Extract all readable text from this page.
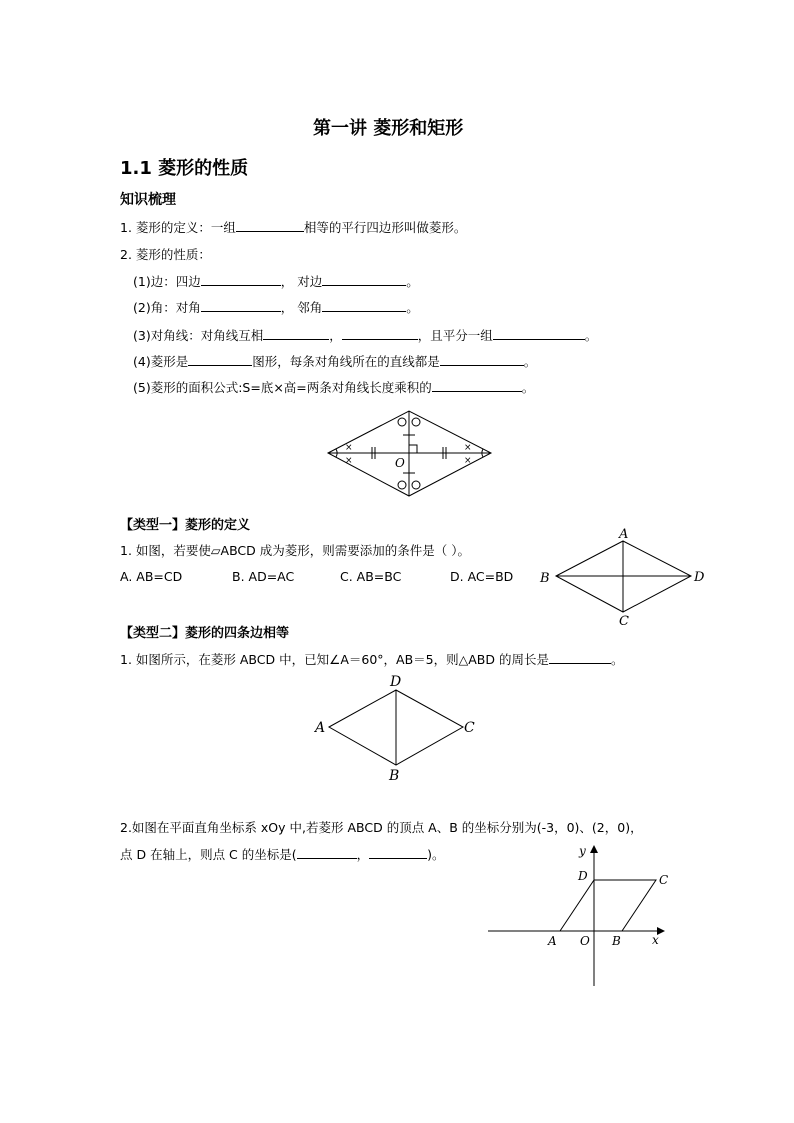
第一讲 菱形和矩形
1.1 菱形的性质
知识梳理
1. 菱形的定义：一组	相等的平行四边形叫做菱形。
2. 菱形的性质：
(1)边：四边	， 对边	。
(2)角：对角	， 邻角	。
(3)对角线：对角线互相	，	，且平分一组	。
(4)菱形是	图形，每条对角线所在的直线都是	。
(5)菱形的面积公式:S=底×高=两条对角线长度乘积的	。
×
×
×
×
O
【类型一】菱形的定义
1. 如图，若要使▱ABCD 成为菱形，则需要添加的条件是（ ）。
A. AB=CD	B. AD=AC	C. AB=BC	D. AC=BD
A
B
C
D
【类型二】菱形的四条边相等
1. 如图所示，在菱形 ABCD 中，已知∠A＝60°，AB＝5，则△ABD 的周长是	。
D
A	C
B
2.如图在平面直角坐标系 xOy 中,若菱形 ABCD 的顶点 A、B 的坐标分别为(-3，0)、(2，0)，
点 D 在轴上，则点 C 的坐标是(	，	)。	y
x
D	C
A O B
